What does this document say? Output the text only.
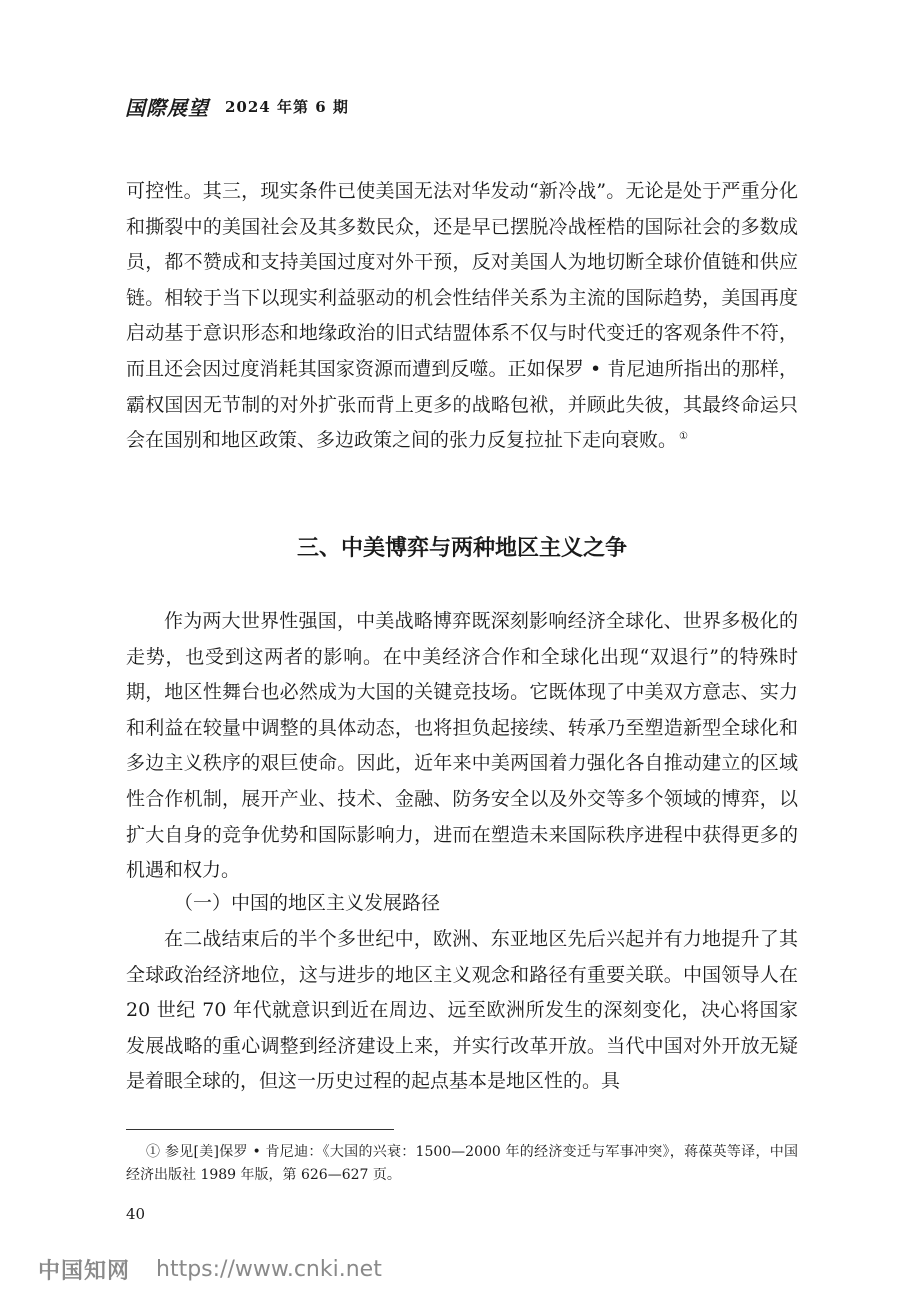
国際展望 2024 年第 6 期

可控性。其三，现实条件已使美国无法对华发动“新冷战”。无论是处于严重分化和撕裂中的美国社会及其多数民众，还是早已摆脱冷战桎梏的国际社会的多数成员，都不赞成和支持美国过度对外干预，反对美国人为地切断全球价值链和供应链。相较于当下以现实利益驱动的机会性结伴关系为主流的国际趋势，美国再度启动基于意识形态和地缘政治的旧式结盟体系不仅与时代变迁的客观条件不符，而且还会因过度消耗其国家资源而遭到反噬。正如保罗 • 肯尼迪所指出的那样，霸权国因无节制的对外扩张而背上更多的战略包袱，并顾此失彼，其最终命运只会在国别和地区政策、多边政策之间的张力反复拉扯下走向衰败。 ①

三、中美博弈与两种地区主义之争

作为两大世界性强国，中美战略博弈既深刻影响经济全球化、世界多极化的走势，也受到这两者的影响。在中美经济合作和全球化出现“双退行”的特殊时期，地区性舞台也必然成为大国的关键竞技场。它既体现了中美双方意志、实力和利益在较量中调整的具体动态，也将担负起接续、转承乃至塑造新型全球化和多边主义秩序的艰巨使命。因此，近年来中美两国着力强化各自推动建立的区域性合作机制，展开产业、技术、金融、防务安全以及外交等多个领域的博弈，以扩大自身的竞争优势和国际影响力，进而在塑造未来国际秩序进程中获得更多的机遇和权力。

（一）中国的地区主义发展路径

在二战结束后的半个多世纪中，欧洲、东亚地区先后兴起并有力地提升了其全球政治经济地位，这与进步的地区主义观念和路径有重要关联。中国领导人在 20 世纪 70 年代就意识到近在周边、远至欧洲所发生的深刻变化，决心将国家发展战略的重心调整到经济建设上来，并实行改革开放。当代中国对外开放无疑是着眼全球的，但这一历史过程的起点基本是地区性的。具

① 参见[美]保罗 • 肯尼迪：《大国的兴衰：1500—2000 年的经济变迁与军事冲突》，蒋葆英等译，中国经济出版社 1989 年版，第 626—627 页。

40
中国知网 https://www.cnki.net
